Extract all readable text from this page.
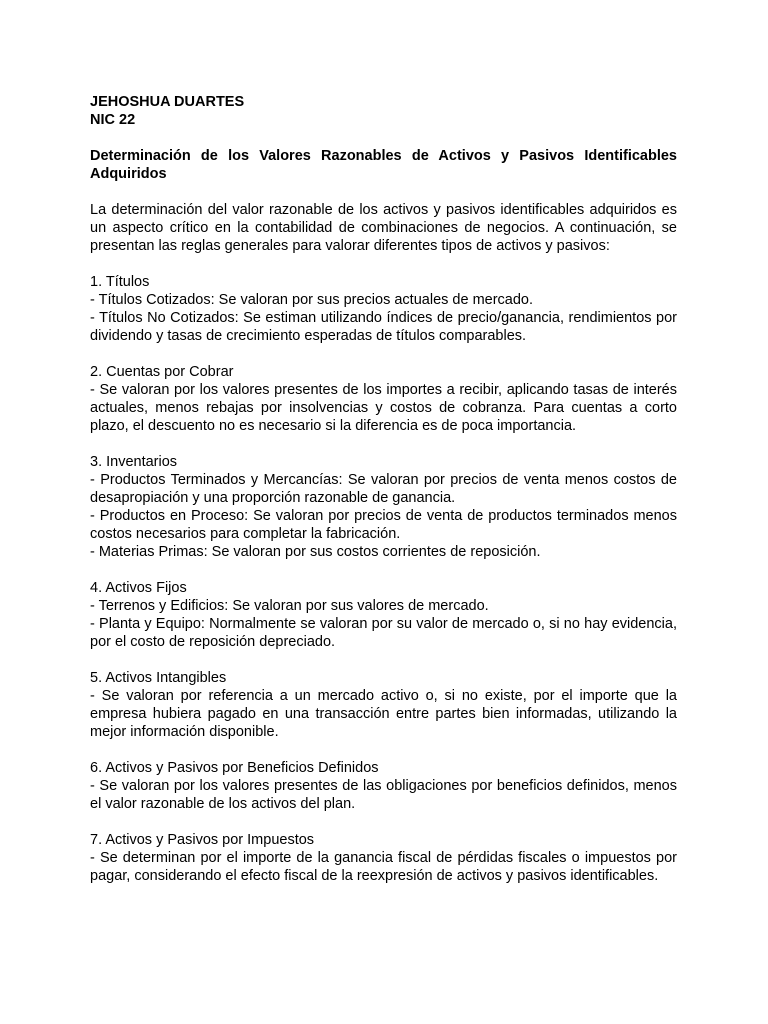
JEHOSHUA DUARTES
NIC 22
Determinación de los Valores Razonables de Activos y Pasivos Identificables Adquiridos
La determinación del valor razonable de los activos y pasivos identificables adquiridos es un aspecto crítico en la contabilidad de combinaciones de negocios. A continuación, se presentan las reglas generales para valorar diferentes tipos de activos y pasivos:
1. Títulos
- Títulos Cotizados: Se valoran por sus precios actuales de mercado.
- Títulos No Cotizados: Se estiman utilizando índices de precio/ganancia, rendimientos por dividendo y tasas de crecimiento esperadas de títulos comparables.
2. Cuentas por Cobrar
- Se valoran por los valores presentes de los importes a recibir, aplicando tasas de interés actuales, menos rebajas por insolvencias y costos de cobranza. Para cuentas a corto plazo, el descuento no es necesario si la diferencia es de poca importancia.
3. Inventarios
- Productos Terminados y Mercancías: Se valoran por precios de venta menos costos de desapropiación y una proporción razonable de ganancia.
- Productos en Proceso: Se valoran por precios de venta de productos terminados menos costos necesarios para completar la fabricación.
- Materias Primas: Se valoran por sus costos corrientes de reposición.
4. Activos Fijos
- Terrenos y Edificios: Se valoran por sus valores de mercado.
- Planta y Equipo: Normalmente se valoran por su valor de mercado o, si no hay evidencia, por el costo de reposición depreciado.
5. Activos Intangibles
- Se valoran por referencia a un mercado activo o, si no existe, por el importe que la empresa hubiera pagado en una transacción entre partes bien informadas, utilizando la mejor información disponible.
6. Activos y Pasivos por Beneficios Definidos
- Se valoran por los valores presentes de las obligaciones por beneficios definidos, menos el valor razonable de los activos del plan.
7. Activos y Pasivos por Impuestos
- Se determinan por el importe de la ganancia fiscal de pérdidas fiscales o impuestos por pagar, considerando el efecto fiscal de la reexpresión de activos y pasivos identificables.
